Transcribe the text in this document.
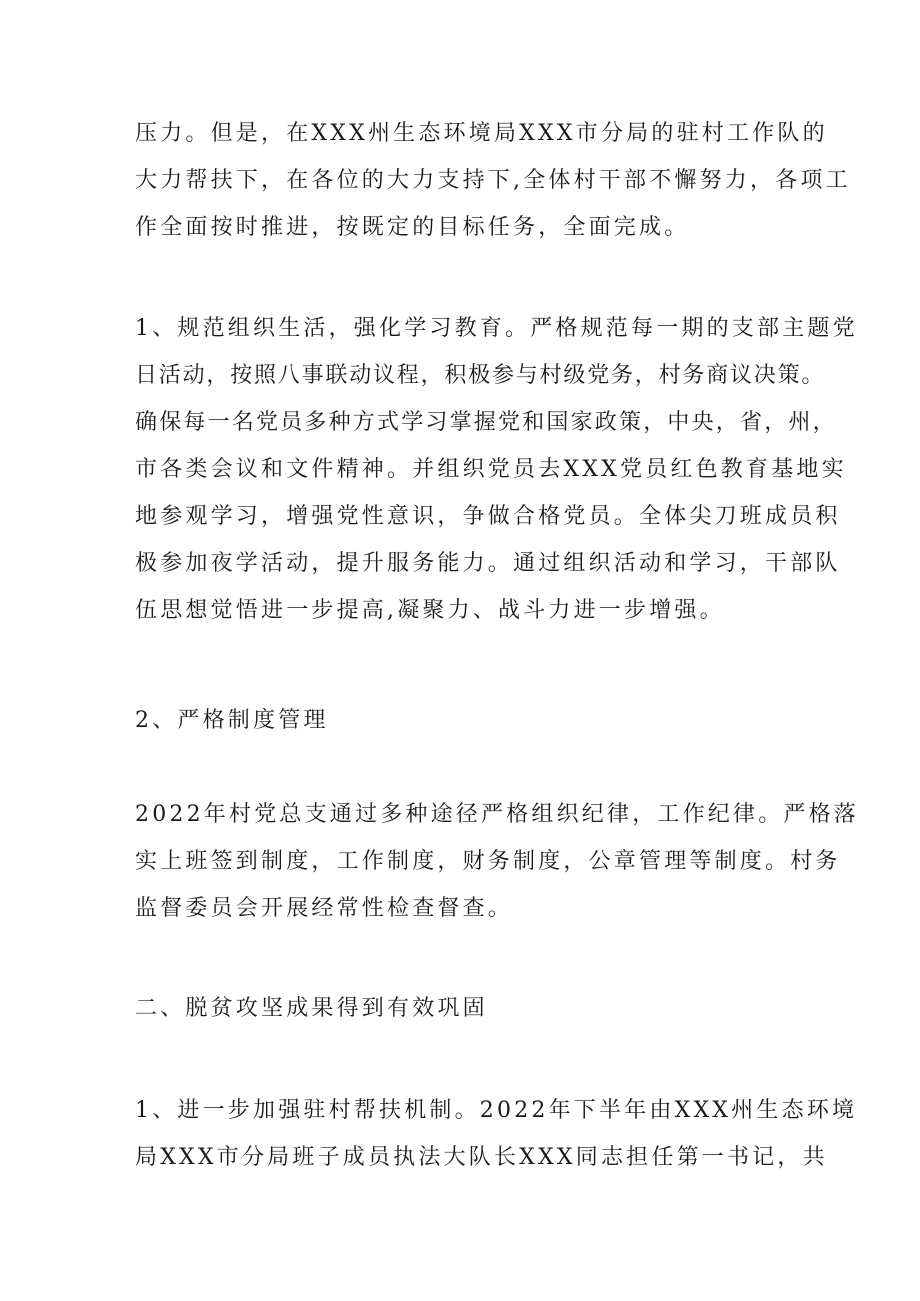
压力。但是，在XXX州生态环境局XXX市分局的驻村工作队的
大力帮扶下，在各位的大力支持下,全体村干部不懈努力，各项工
作全面按时推进，按既定的目标任务，全面完成。
1、规范组织生活，强化学习教育。严格规范每一期的支部主题党
日活动，按照八事联动议程，积极参与村级党务，村务商议决策。
确保每一名党员多种方式学习掌握党和国家政策，中央，省，州，
市各类会议和文件精神。并组织党员去XXX党员红色教育基地实
地参观学习，增强党性意识，争做合格党员。全体尖刀班成员积
极参加夜学活动，提升服务能力。通过组织活动和学习，干部队
伍思想觉悟进一步提高,凝聚力、战斗力进一步增强。
2、严格制度管理
2022年村党总支通过多种途径严格组织纪律，工作纪律。严格落
实上班签到制度，工作制度，财务制度，公章管理等制度。村务
监督委员会开展经常性检查督查。
二、脱贫攻坚成果得到有效巩固
1、进一步加强驻村帮扶机制。2022年下半年由XXX州生态环境
局XXX市分局班子成员执法大队长XXX同志担任第一书记，共
